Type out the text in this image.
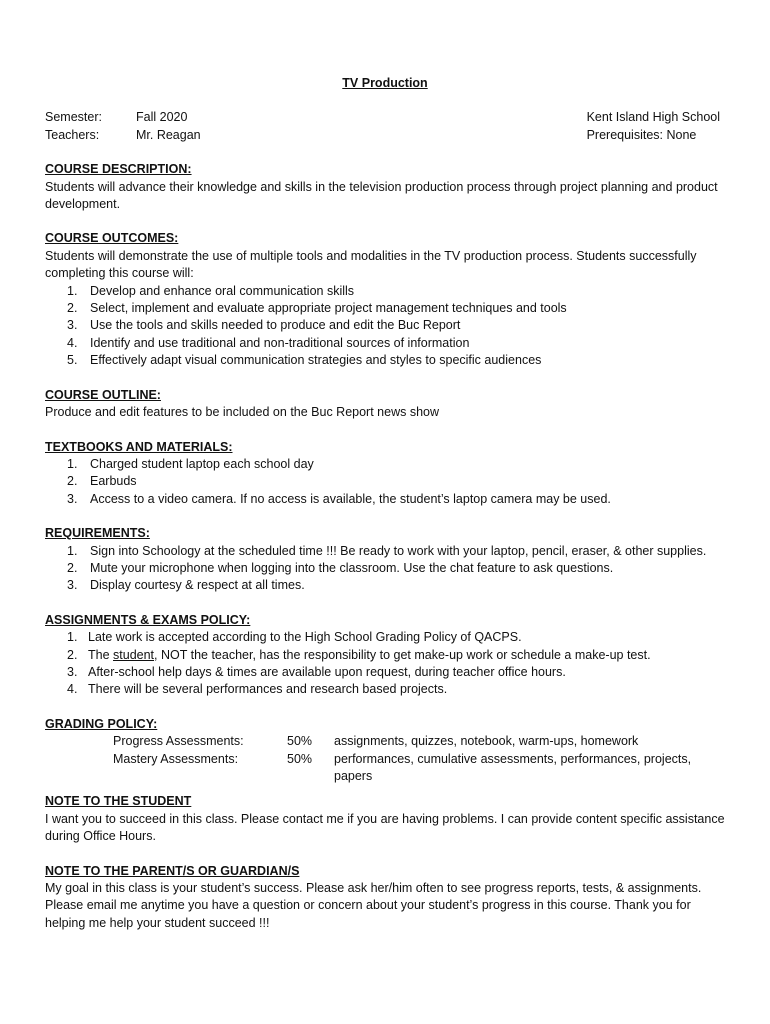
TV Production
Semester:	Fall 2020
Teachers:	Mr. Reagan
Kent Island High School
Prerequisites: None
COURSE DESCRIPTION:
Students will advance their knowledge and skills in the television production process through project planning and product development.
COURSE OUTCOMES:
Students will demonstrate the use of multiple tools and modalities in the TV production process. Students successfully completing this course will:
1. Develop and enhance oral communication skills
2. Select, implement and evaluate appropriate project management techniques and tools
3. Use the tools and skills needed to produce and edit the Buc Report
4. Identify and use traditional and non-traditional sources of information
5. Effectively adapt visual communication strategies and styles to specific audiences
COURSE OUTLINE:
Produce and edit features to be included on the Buc Report news show
TEXTBOOKS AND MATERIALS:
1. Charged student laptop each school day
2. Earbuds
3. Access to a video camera. If no access is available, the student’s laptop camera may be used.
REQUIREMENTS:
1. Sign into Schoology at the scheduled time !!! Be ready to work with your laptop, pencil, eraser, & other supplies.
2. Mute your microphone when logging into the classroom. Use the chat feature to ask questions.
3. Display courtesy & respect at all times.
ASSIGNMENTS & EXAMS POLICY:
1. Late work is accepted according to the High School Grading Policy of QACPS.
2. The student, NOT the teacher, has the responsibility to get make-up work or schedule a make-up test.
3. After-school help days & times are available upon request, during teacher office hours.
4. There will be several performances and research based projects.
GRADING POLICY:
Progress Assessments:	50%	assignments, quizzes, notebook, warm-ups, homework
Mastery Assessments:	50%	performances, cumulative assessments, performances, projects, papers
NOTE TO THE STUDENT
I want you to succeed in this class. Please contact me if you are having problems. I can provide content specific assistance during Office Hours.
NOTE TO THE PARENT/S OR GUARDIAN/S
My goal in this class is your student’s success. Please ask her/him often to see progress reports, tests, & assignments. Please email me anytime you have a question or concern about your student’s progress in this course. Thank you for helping me help your student succeed !!!
